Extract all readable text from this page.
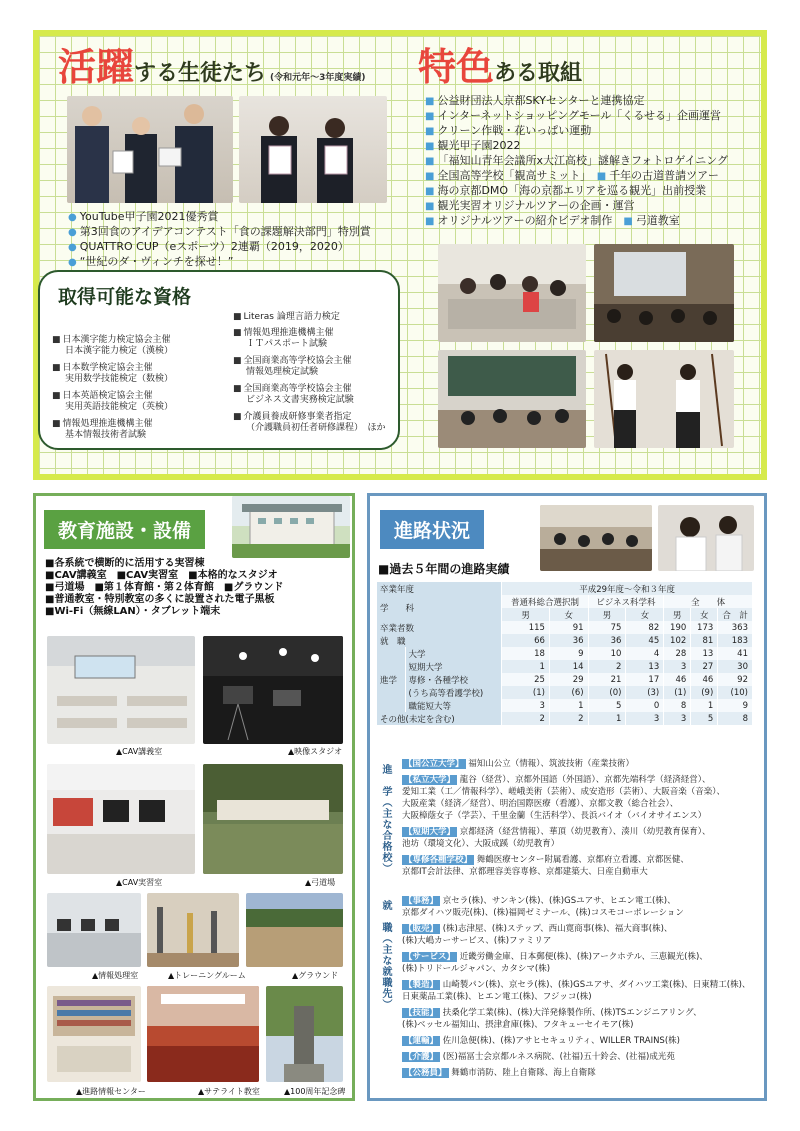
活躍する生徒たち (令和元年〜3年度実績) 特色ある取組
● YouTube甲子園2021優秀賞
● 第3回食のアイデアコンテスト「食の課題解決部門」特別賞
● QUATTRO CUP（eスポーツ）2連覇（2019，2020）
● “世紀のダ・ヴィンチを探せ！”
■ 公益財団法人京都SKYセンターと連携協定
■ インターネットショッピングモール「くるせる」企画運営
■ クリーン作戦・花いっぱい運動
■ 観光甲子園2022
■ 「福知山青年会議所x大江高校」謎解きフォトロゲイニング
■ 全国高等学校「観高サミット」　 ■ 千年の古道普請ツアー
■ 海の京都DMO「海の京都エリアを巡る観光」出前授業
■ 観光実習オリジナルツアーの企画・運営
■ オリジナルツアーの紹介ビデオ制作　 ■ 弓道教室
取得可能な資格
■ 日本漢字能力検定協会主催
日本漢字能力検定（漢検）
■ 日本数学検定協会主催
実用数学技能検定（数検）
■ 日本英語検定協会主催
実用英語技能検定（英検）
■ 情報処理推進機構主催
基本情報技術者試験
■ Literas 論理言語力検定
■ 情報処理推進機構主催
ＩＴパスポート試験
■ 全国商業高等学校協会主催
情報処理検定試験
■ 全国商業高等学校協会主催
ビジネス文書実務検定試験
■ 介護員養成研修事業者指定
（介護職員初任者研修課程）　ほか
教育施設・設備
■各系統で横断的に活用する実習棟
■CAV講義室　■CAV実習室　■本格的なスタジオ
■弓道場　■第１体育館・第２体育館　■グラウンド
■普通教室・特別教室の多くに設置された電子黒板
■Wi-Fi（無線LAN）・タブレット端末
▲CAV講義室	▲映像スタジオ
▲CAV実習室	▲弓道場
▲情報処理室	▲トレーニングルーム	▲グラウンド
▲進路情報センター	▲サテライト教室	▲100周年記念碑
進路状況
■過去５年間の進路実績
卒業年度		平成29年度〜令和３年度						
学　　科		普通科総合選択制		ビジネス科学科		全　　体		
		男	女	男	女	男	女	合　計
卒業者数		115	91	75	82	190	173	363
就　職		66	36	36	45	102	81	183
進学	大学	18	9	10	4	28	13	41
	短期大学	1	14	2	13	3	27	30
	専修・各種学校	25	29	21	17	46	46	92
	(うち高等看護学校)	(1)	(6)	(0)	(3)	(1)	(9)	(10)
	職能短大等	3	1	5	0	8	1	9
その他(未定を含む)		2	2	1	3	3	5	8
進　学（主な合格校） 【国公立大学】 福知山公立（情報）、筑波技術（産業技術）
【私立大学】 龍谷（経営）、京都外国語（外国語）、京都先端科学（経済経営）、
愛知工業（工／情報科学）、嵯峨美術（芸術）、成安造形（芸術）、大阪音楽（音楽）、
大阪産業（経済／経営）、明治国際医療（看護）、京都文教（総合社会）、
大阪樟蔭女子（学芸）、千里金蘭（生活科学）、長浜バイオ（バイオサイエンス）
【短期大学】 京都経済（経営情報）、華頂（幼児教育）、湊川（幼児教育保育）、
池坊（環境文化）、大阪成蹊（幼児教育）
【専修各種学校】 舞鶴医療センター附属看護、京都府立看護、京都医健、
京都IT会計法律、京都理容美容専修、京都建築大、日産自動車大
就　職（主な就職先） 【事務】 京セラ(株)、サンキン(株)、(株)GSユアサ、ヒエン電工(株)、
京都ダイハツ販売(株)、(株)福岡ゼミナール、(株)コスモコーポレーション
【販売】 (株)志津屋、(株)ステップ、西山寛商事(株)、福大商事(株)、
(株)大嶋カーサービス、(株)ファミリア
【サービス】 近畿労働金庫、日本郵便(株)、(株)アークホテル、三恵観光(株)、
(株)トリドールジャパン、カタシマ(株)
【製造】 山崎製パン(株)、京セラ(株)、(株)GSユアサ、ダイハツ工業(株)、日東精工(株)、
日東薬品工業(株)、ヒエン電工(株)、フジッコ(株)
【技能】 扶桑化学工業(株)、(株)大洋発條製作所、(株)TSエンジニアリング、
(株)ベッセル福知山、摂津倉庫(株)、フタキューセイモア(株)
【運輸】 佐川急便(株)、(株)アサヒセキュリティ、WILLER TRAINS(株)
【介護】 (医)福冨士会京都ルネス病院、(社福)五十鈴会、(社福)成光苑
【公務員】 舞鶴市消防、陸上自衛隊、海上自衛隊
